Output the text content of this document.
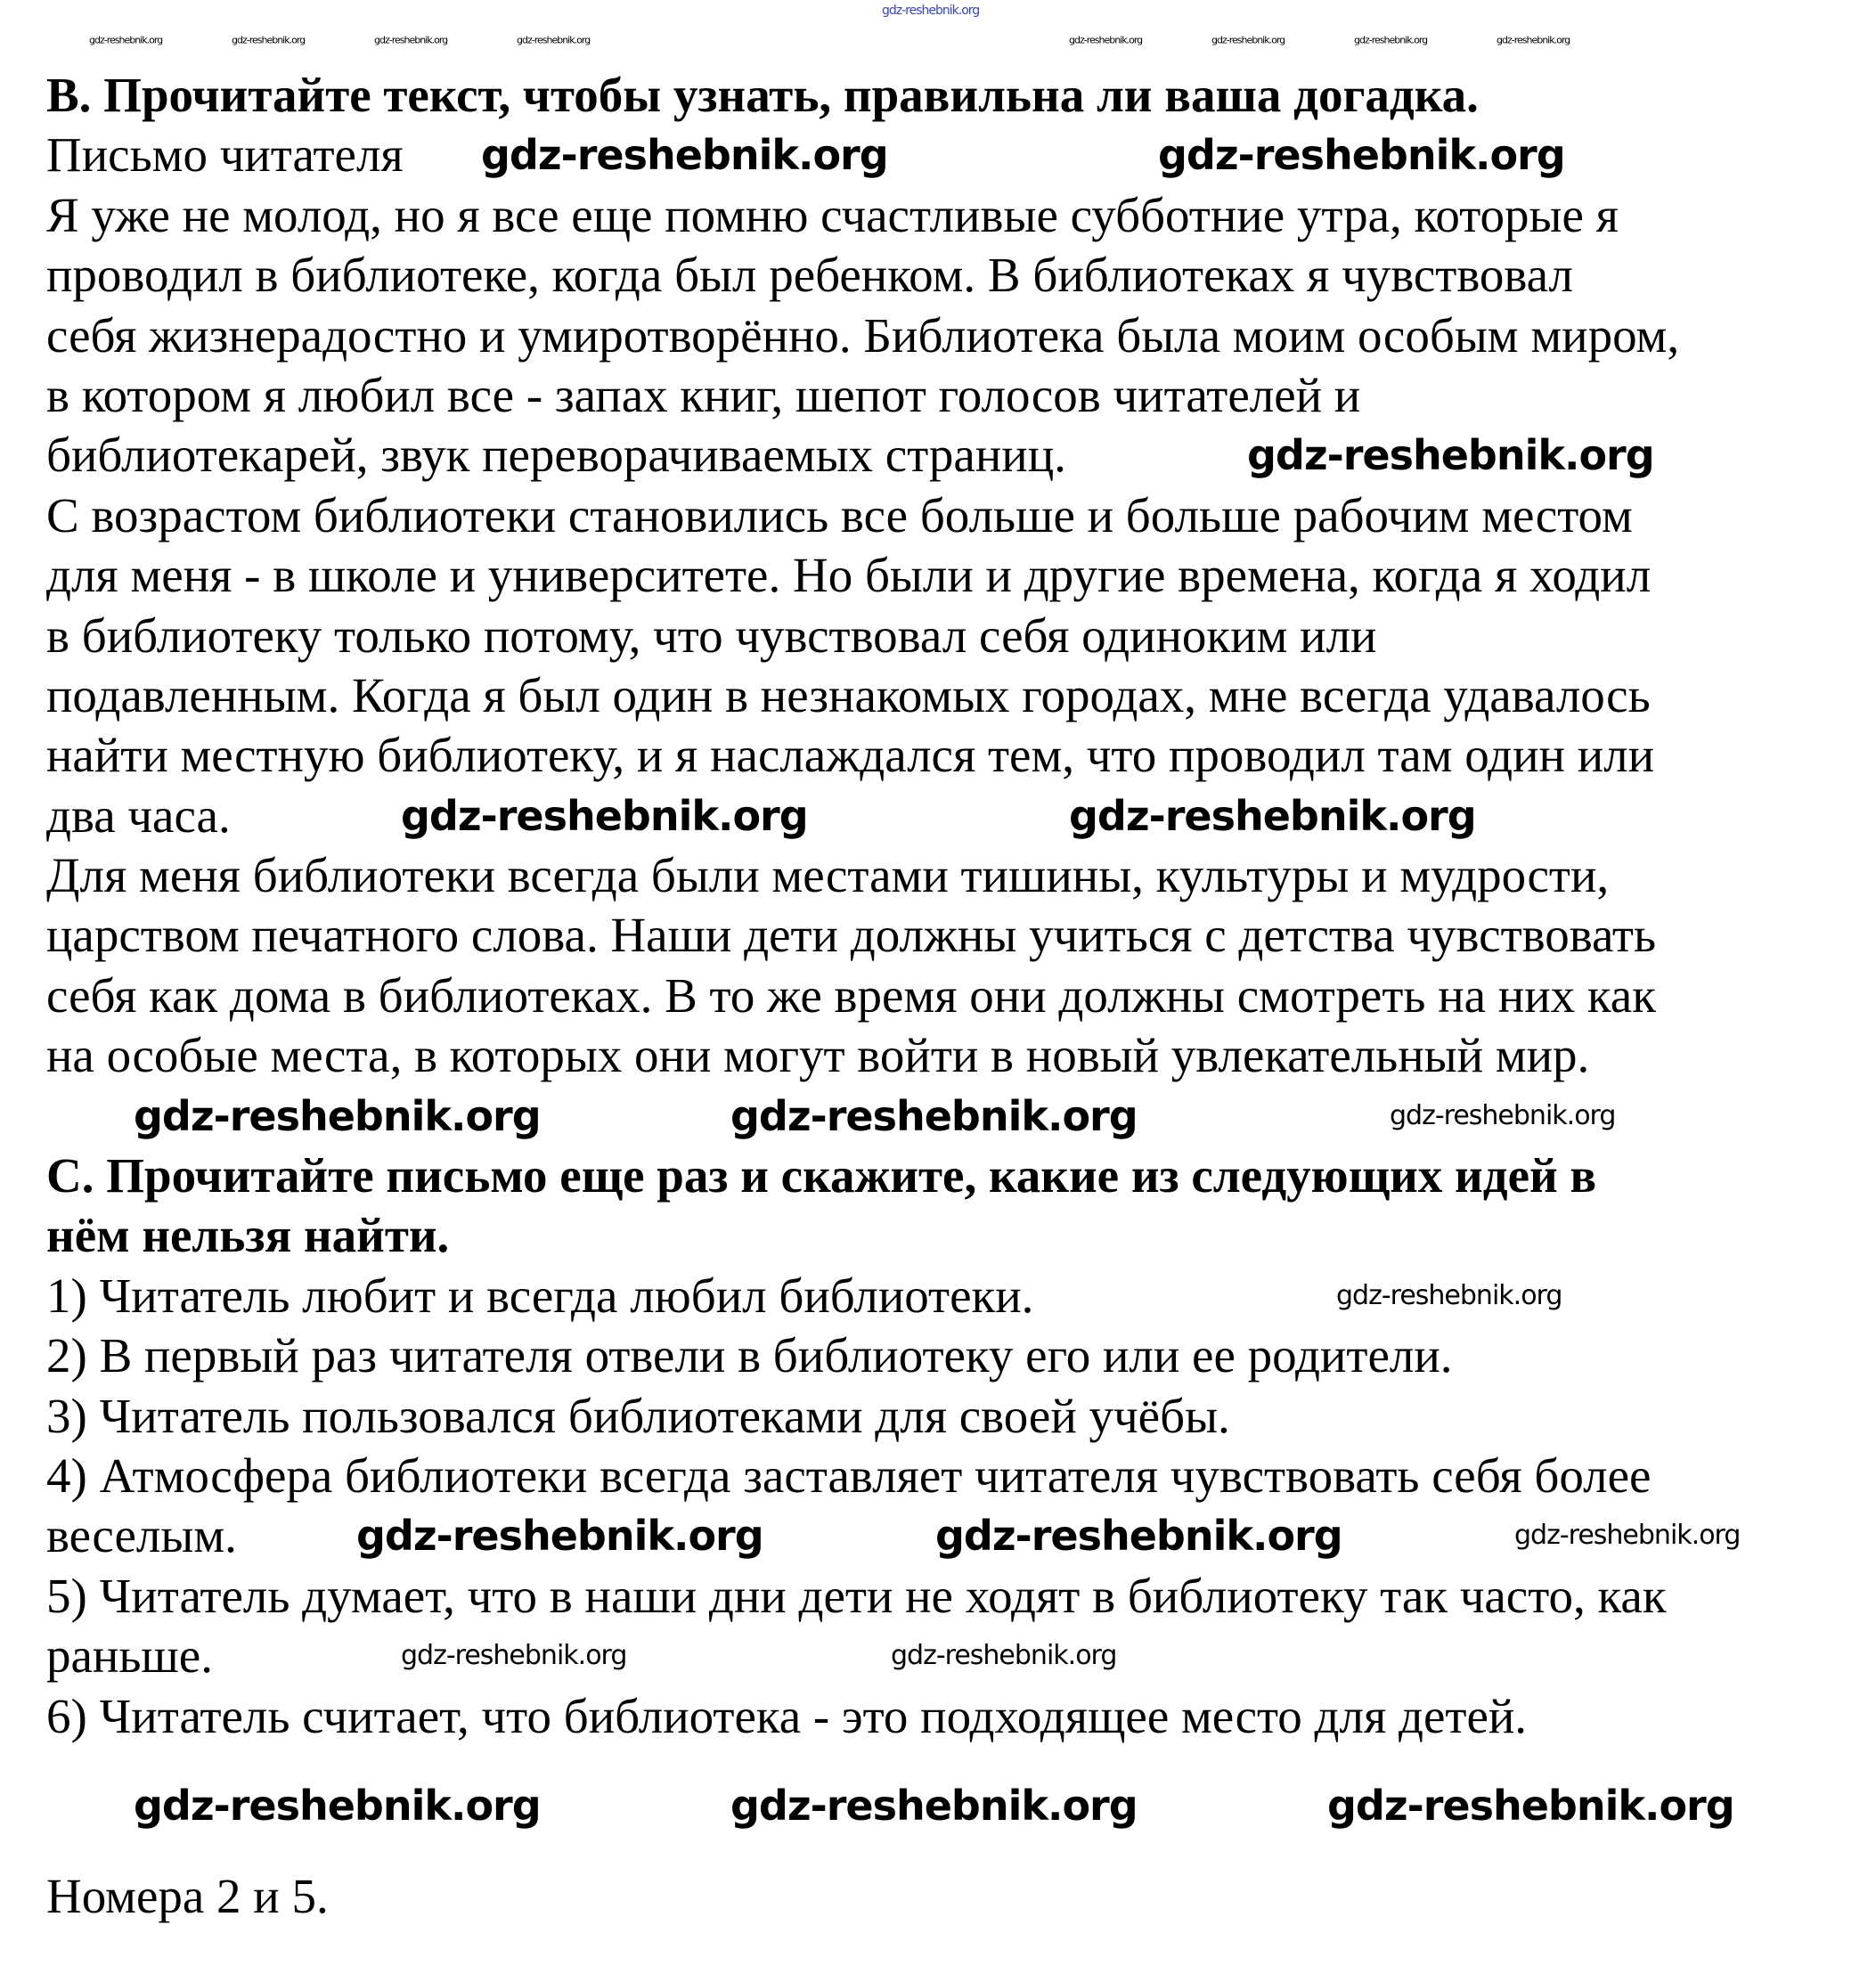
B. Прочитайте текст, чтобы узнать, правильна ли ваша догадка.
Письмо читателя
Я уже не молод, но я все еще помню счастливые субботние утра, которые я
проводил в библиотеке, когда был ребенком. В библиотеках я чувствовал
себя жизнерадостно и умиротворённо. Библиотека была моим особым миром,
в котором я любил все - запах книг, шепот голосов читателей и
библиотекарей, звук переворачиваемых страниц.
С возрастом библиотеки становились все больше и больше рабочим местом
для меня - в школе и университете. Но были и другие времена, когда я ходил
в библиотеку только потому, что чувствовал себя одиноким или
подавленным. Когда я был один в незнакомых городах, мне всегда удавалось
найти местную библиотеку, и я наслаждался тем, что проводил там один или
два часа.
Для меня библиотеки всегда были местами тишины, культуры и мудрости,
царством печатного слова. Наши дети должны учиться с детства чувствовать
себя как дома в библиотеках. В то же время они должны смотреть на них как
на особые места, в которых они могут войти в новый увлекательный мир.
C. Прочитайте письмо еще раз и скажите, какие из следующих идей в
нём нельзя найти.
1) Читатель любит и всегда любил библиотеки.
2) В первый раз читателя отвели в библиотеку его или ее родители.
3) Читатель пользовался библиотеками для своей учёбы.
4) Атмосфера библиотеки всегда заставляет читателя чувствовать себя более
веселым.
5) Читатель думает, что в наши дни дети не ходят в библиотеку так часто, как
раньше.
6) Читатель считает, что библиотека - это подходящее место для детей.
Номера 2 и 5.
gdz-reshebnik.org
gdz-reshebnik.org	gdz-reshebnik.org
gdz-reshebnik.org
gdz-reshebnik.org	gdz-reshebnik.org
gdz-reshebnik.org	gdz-reshebnik.org	gdz-reshebnik.org
gdz-reshebnik.org
gdz-reshebnik.org	gdz-reshebnik.org	gdz-reshebnik.org
gdz-reshebnik.org	gdz-reshebnik.org
gdz-reshebnik.org	gdz-reshebnik.org	gdz-reshebnik.org
gdz-reshebnik.org	gdz-reshebnik.org	gdz-reshebnik.org	gdz-reshebnik.org	gdz-reshebnik.org	gdz-reshebnik.org	gdz-reshebnik.org	gdz-reshebnik.org
